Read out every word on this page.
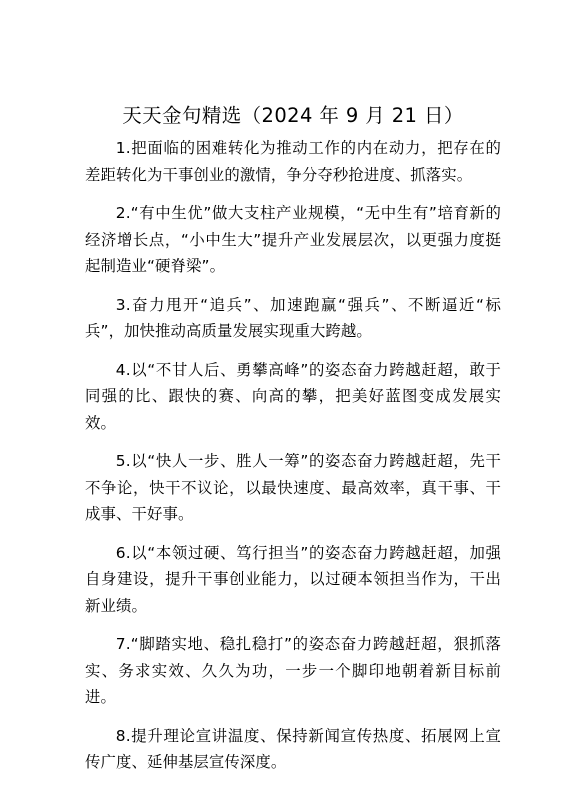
天天金句精选（2024 年 9 月 21 日）

1.把面临的困难转化为推动工作的内在动力，把存在的差距转化为干事创业的激情，争分夺秒抢进度、抓落实。

2.“有中生优”做大支柱产业规模，“无中生有”培育新的经济增长点，“小中生大”提升产业发展层次，以更强力度挺起制造业“硬脊梁”。

3.奋力甩开“追兵”、加速跑赢“强兵”、不断逼近“标兵”，加快推动高质量发展实现重大跨越。

4.以“不甘人后、勇攀高峰”的姿态奋力跨越赶超，敢于同强的比、跟快的赛、向高的攀，把美好蓝图变成发展实效。

5.以“快人一步、胜人一筹”的姿态奋力跨越赶超，先干不争论，快干不议论，以最快速度、最高效率，真干事、干成事、干好事。

6.以“本领过硬、笃行担当”的姿态奋力跨越赶超，加强自身建设，提升干事创业能力，以过硬本领担当作为，干出新业绩。

7.“脚踏实地、稳扎稳打”的姿态奋力跨越赶超，狠抓落实、务求实效、久久为功，一步一个脚印地朝着新目标前进。

8.提升理论宣讲温度、保持新闻宣传热度、拓展网上宣传广度、延伸基层宣传深度。
